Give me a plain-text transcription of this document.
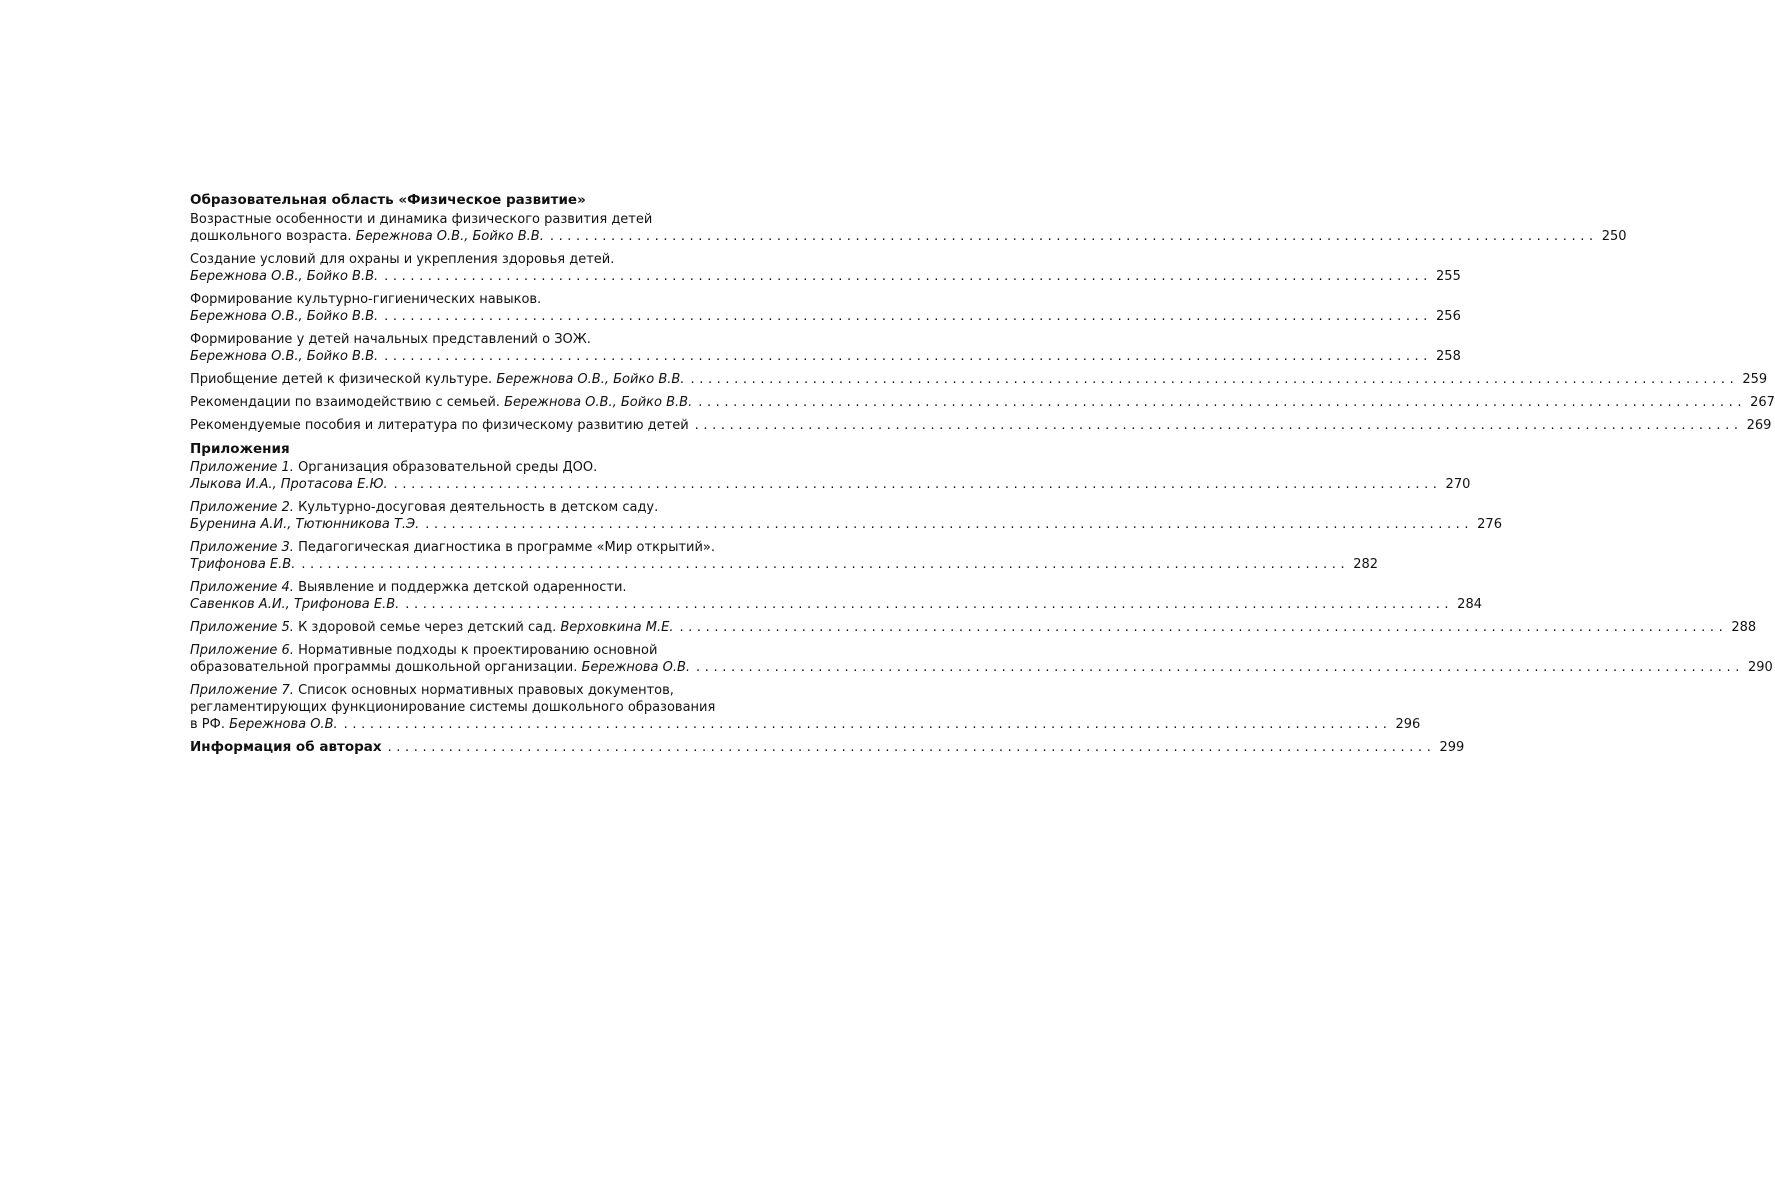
Образовательная область «Физическое развитие»
Возрастные особенности и динамика физического развития детей
дошкольного возраста. Бережнова О.В., Бойко В.В. ........................................................................................................................ 250
Создание условий для охраны и укрепления здоровья детей.
Бережнова О.В., Бойко В.В. ........................................................................................................................ 255
Формирование культурно-гигиенических навыков.
Бережнова О.В., Бойко В.В. ........................................................................................................................ 256
Формирование у детей начальных представлений о ЗОЖ.
Бережнова О.В., Бойко В.В. ........................................................................................................................ 258
Приобщение детей к физической культуре. Бережнова О.В., Бойко В.В. ........................................................................................................................ 259
Рекомендации по взаимодействию с семьей. Бережнова О.В., Бойко В.В. ........................................................................................................................ 267
Рекомендуемые пособия и литература по физическому развитию детей ........................................................................................................................ 269
Приложения
Приложение 1. Организация образовательной среды ДОО.
Лыкова И.А., Протасова Е.Ю. ........................................................................................................................ 270
Приложение 2. Культурно-досуговая деятельность в детском саду.
Буренина А.И., Тютюнникова Т.Э. ........................................................................................................................ 276
Приложение 3. Педагогическая диагностика в программе «Мир открытий».
Трифонова Е.В. ........................................................................................................................ 282
Приложение 4. Выявление и поддержка детской одаренности.
Савенков А.И., Трифонова Е.В. ........................................................................................................................ 284
Приложение 5. К здоровой семье через детский сад. Верховкина М.Е. ........................................................................................................................ 288
Приложение 6. Нормативные подходы к проектированию основной
образовательной программы дошкольной организации. Бережнова О.В. ........................................................................................................................ 290
Приложение 7. Список основных нормативных правовых документов,
регламентирующих функционирование системы дошкольного образования
в РФ. Бережнова О.В. ........................................................................................................................ 296
Информация об авторах ........................................................................................................................ 299
